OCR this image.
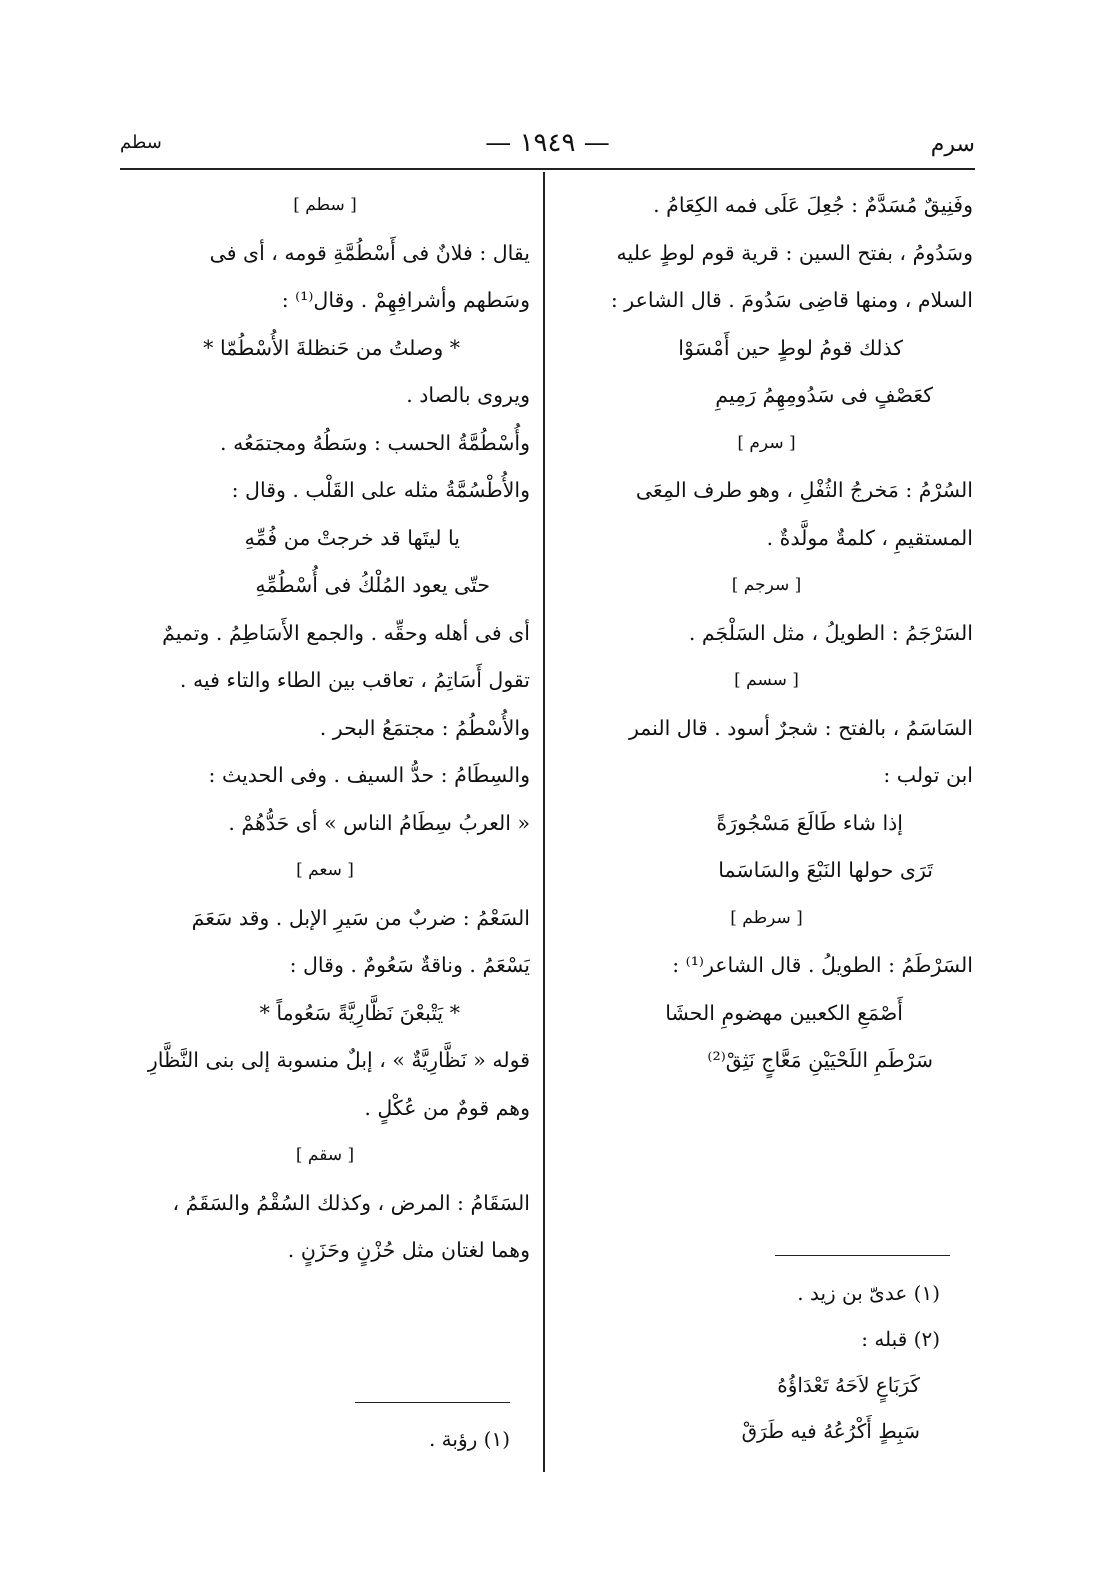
سرم
— ١٩٤٩ —
سطم

وفَنِيقٌ مُسَدَّمٌ : جُعِلَ عَلَى فمه الكِعَامُ .

وسَدُومُ ، بفتح السين : قرية قوم لوطٍ عليه

السلام ، ومنها قاضِى سَدُومَ . قال الشاعر :

كذلك قومُ لوطٍ حين أَمْسَوْا

كعَصْفٍ فى سَدُومِهِمُ رَمِيمِ

[ سرم ]

السُرْمُ : مَخرجُ الثُفْلِ ، وهو طرف المِعَى

المستقيمِ ، كلمةٌ مولَّدةٌ .

[ سرجم ]

السَرْجَمُ : الطويلُ ، مثل السَلْجَم .

[ سسم ]

السَاسَمُ ، بالفتح : شجرٌ أسود . قال النمر

ابن تولب :

إذا شاء طَالَعَ مَسْجُورَةً

تَرَى حولها النَبْعَ والسَاسَما

[ سرطم ]

السَرْطَمُ : الطويلُ . قال الشاعر⁽¹⁾ :

أَصْمَعِ الكعبين مهضومِ الحشَا

سَرْطَمِ اللَحْيَيْنِ مَعَّاجٍ نَثِقْ⁽²⁾

[ سطم ]

يقال : فلانٌ فى أَسْطُمَّةِ قومه ، أى فى

وسَطهم وأشرافِهِمْ . وقال⁽¹⁾ :

* وصلتُ من حَنظلةَ الأُسْطُمّا *

ويروى بالصاد .

وأُسْطُمَّةُ الحسب : وسَطُهُ ومجتمَعُه .

والأُطْسُمَّةُ مثله على القَلْب . وقال :

يا ليتَها قد خرجتْ من فُمِّهِ

حتّى يعود المُلْكُ فى أُسْطُمِّهِ

أى فى أهله وحقِّه . والجمع الأَسَاطِمُ . وتميمٌ

تقول أَسَاتِمُ ، تعاقب بين الطاء والتاء فيه .

والأُسْطُمُ : مجتمَعُ البحر .

والسِطَامُ : حدُّ السيف . وفى الحديث :

« العربُ سِطَامُ الناس » أى حَدُّهُمْ .

[ سعم ]

السَعْمُ : ضربٌ من سَيرِ الإبل . وقد سَعَمَ

يَسْعَمُ . وناقةٌ سَعُومٌ . وقال :

* يَتْبعْنَ نَظَّارِيَّةً سَعُوماً *

قوله « نَظَّارِيَّةٌ » ، إبلٌ منسوبة إلى بنى النَّظَّارِ

وهم قومٌ من عُكْلٍ .

[ سقم ]

السَقَامُ : المرض ، وكذلك السُقْمُ والسَقَمُ ،

وهما لغتان مثل حُزْنٍ وحَزَنٍ .

(١) عدىّ بن زيد .

(٢) قبله :

كَرَبَاعٍ لاَحَهُ تَعْدَاؤُهُ

سَبِطٍ أَكْرُعُهُ فيه طَرَقْ

(١) رؤبة .
